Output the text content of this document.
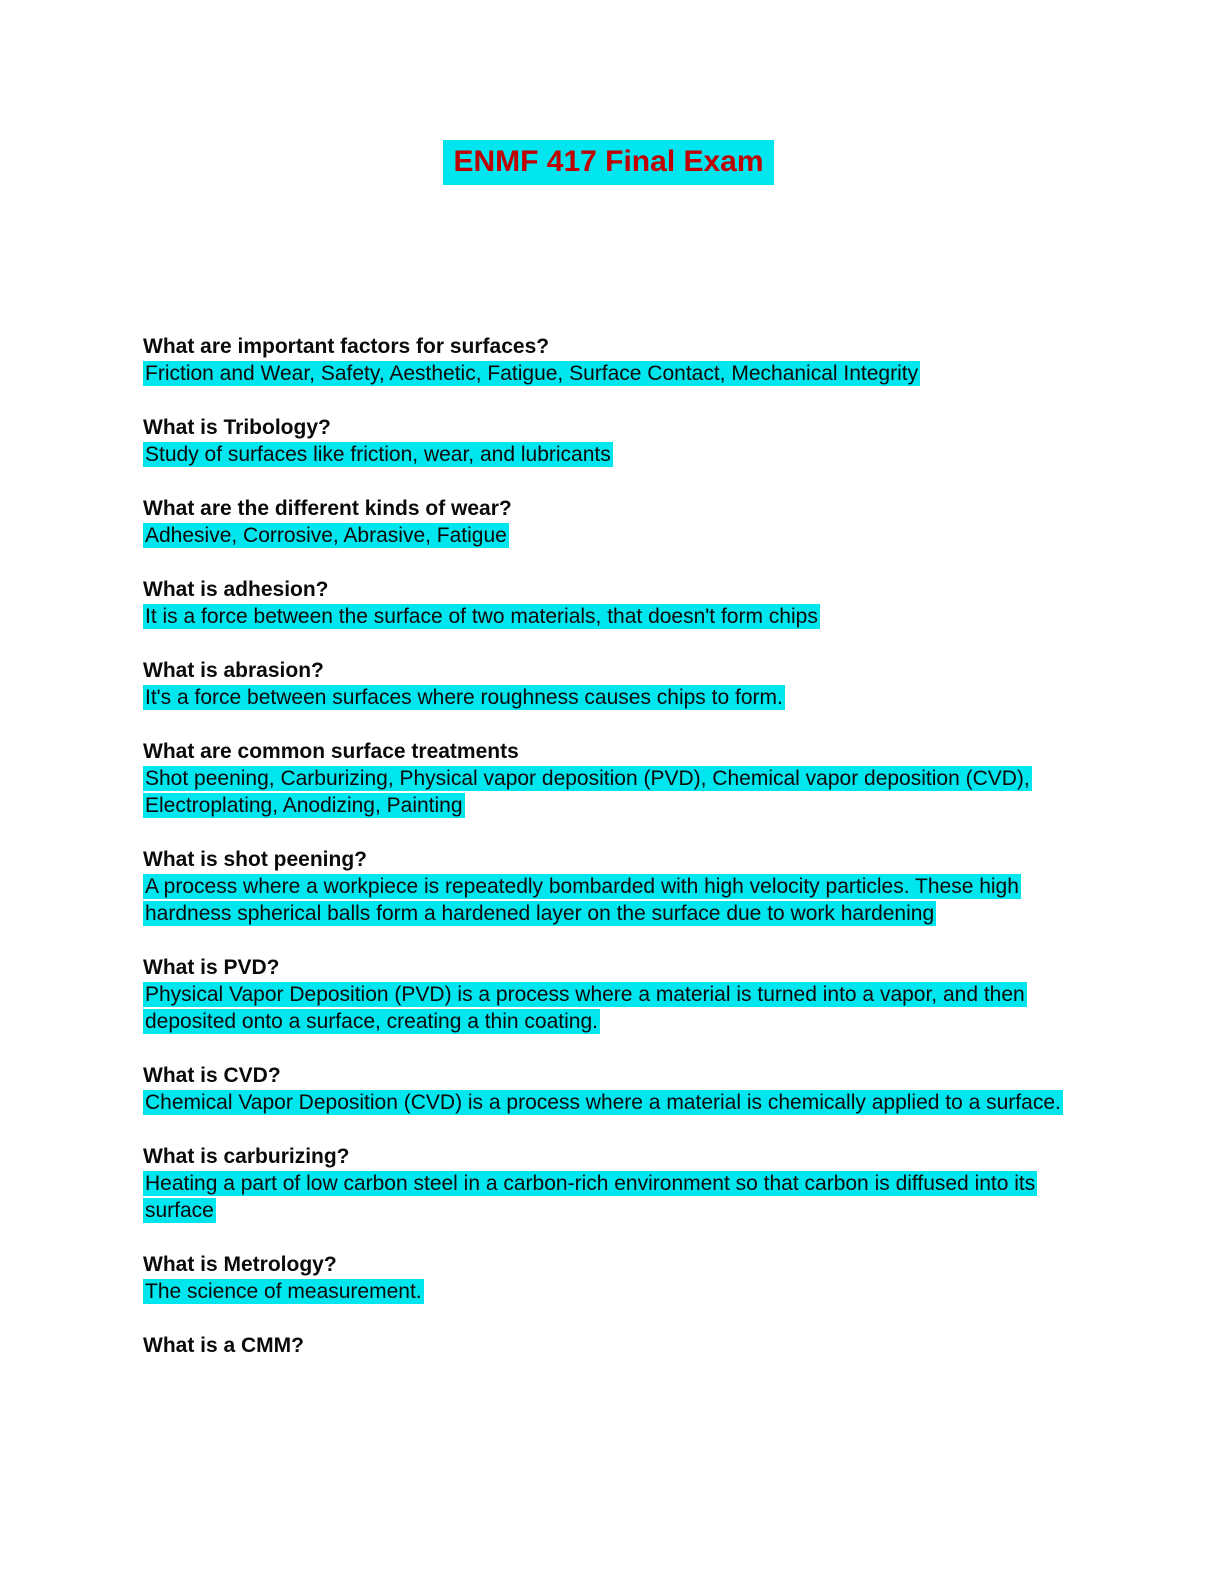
ENMF 417 Final Exam
What are important factors for surfaces?
Friction and Wear, Safety, Aesthetic, Fatigue, Surface Contact, Mechanical Integrity
What is Tribology?
Study of surfaces like friction, wear, and lubricants
What are the different kinds of wear?
Adhesive, Corrosive, Abrasive, Fatigue
What is adhesion?
It is a force between the surface of two materials, that doesn't form chips
What is abrasion?
It's a force between surfaces where roughness causes chips to form.
What are common surface treatments
Shot peening, Carburizing, Physical vapor deposition (PVD), Chemical vapor deposition (CVD), Electroplating, Anodizing, Painting
What is shot peening?
A process where a workpiece is repeatedly bombarded with high velocity particles. These high hardness spherical balls form a hardened layer on the surface due to work hardening
What is PVD?
Physical Vapor Deposition (PVD) is a process where a material is turned into a vapor, and then deposited onto a surface, creating a thin coating.
What is CVD?
Chemical Vapor Deposition (CVD) is a process where a material is chemically applied to a surface.
What is carburizing?
Heating a part of low carbon steel in a carbon-rich environment so that carbon is diffused into its surface
What is Metrology?
The science of measurement.
What is a CMM?
